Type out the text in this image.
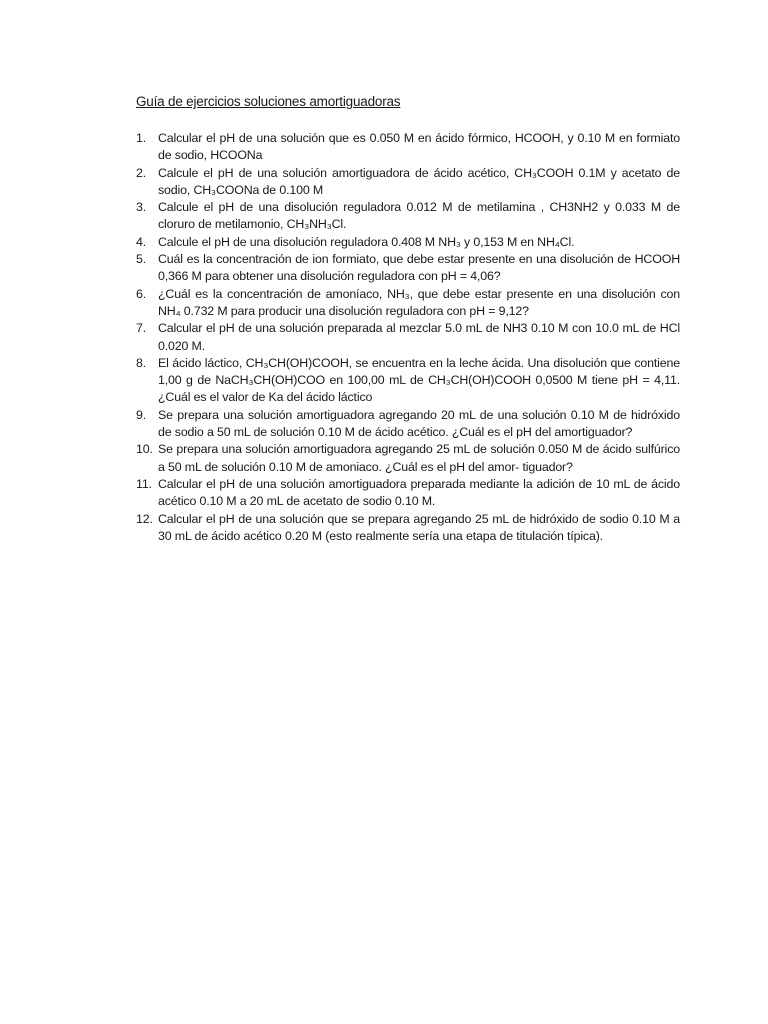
Guía de ejercicios soluciones amortiguadoras
1. Calcular el pH de una solución que es 0.050 M en ácido fórmico, HCOOH, y 0.10 M en formiato de sodio, HCOONa
2. Calcule el pH de una solución amortiguadora de ácido acético, CH₃COOH 0.1M y acetato de sodio, CH₃COONa de 0.100 M
3. Calcule el pH de una disolución reguladora 0.012 M de metilamina , CH3NH2 y 0.033 M de cloruro de metilamonio, CH₃NH₃Cl.
4. Calcule el pH de una disolución reguladora 0.408 M NH₃ y 0,153 M en NH₄Cl.
5. Cuál es la concentración de ion formiato, que debe estar presente en una disolución de HCOOH 0,366 M para obtener una disolución reguladora con pH = 4,06?
6. ¿Cuál es la concentración de amoníaco, NH₃, que debe estar presente en una disolución con NH₄ 0.732 M para producir una disolución reguladora con pH = 9,12?
7. Calcular el pH de una solución preparada al mezclar 5.0 mL de NH3 0.10 M con 10.0 mL de HCl 0.020 M.
8. El ácido láctico, CH₃CH(OH)COOH, se encuentra en la leche ácida. Una disolución que contiene 1,00 g de NaCH₃CH(OH)COO en 100,00 mL de CH₃CH(OH)COOH 0,0500 M tiene pH = 4,11. ¿Cuál es el valor de Ka del ácido láctico
9. Se prepara una solución amortiguadora agregando 20 mL de una solución 0.10 M de hidróxido de sodio a 50 mL de solución 0.10 M de ácido acético. ¿Cuál es el pH del amortiguador?
10. Se prepara una solución amortiguadora agregando 25 mL de solución 0.050 M de ácido sulfúrico a 50 mL de solución 0.10 M de amoniaco. ¿Cuál es el pH del amor- tiguador?
11. Calcular el pH de una solución amortiguadora preparada mediante la adición de 10 mL de ácido acético 0.10 M a 20 mL de acetato de sodio 0.10 M.
12. Calcular el pH de una solución que se prepara agregando 25 mL de hidróxido de sodio 0.10 M a 30 mL de ácido acético 0.20 M (esto realmente sería una etapa de titulación típica).
